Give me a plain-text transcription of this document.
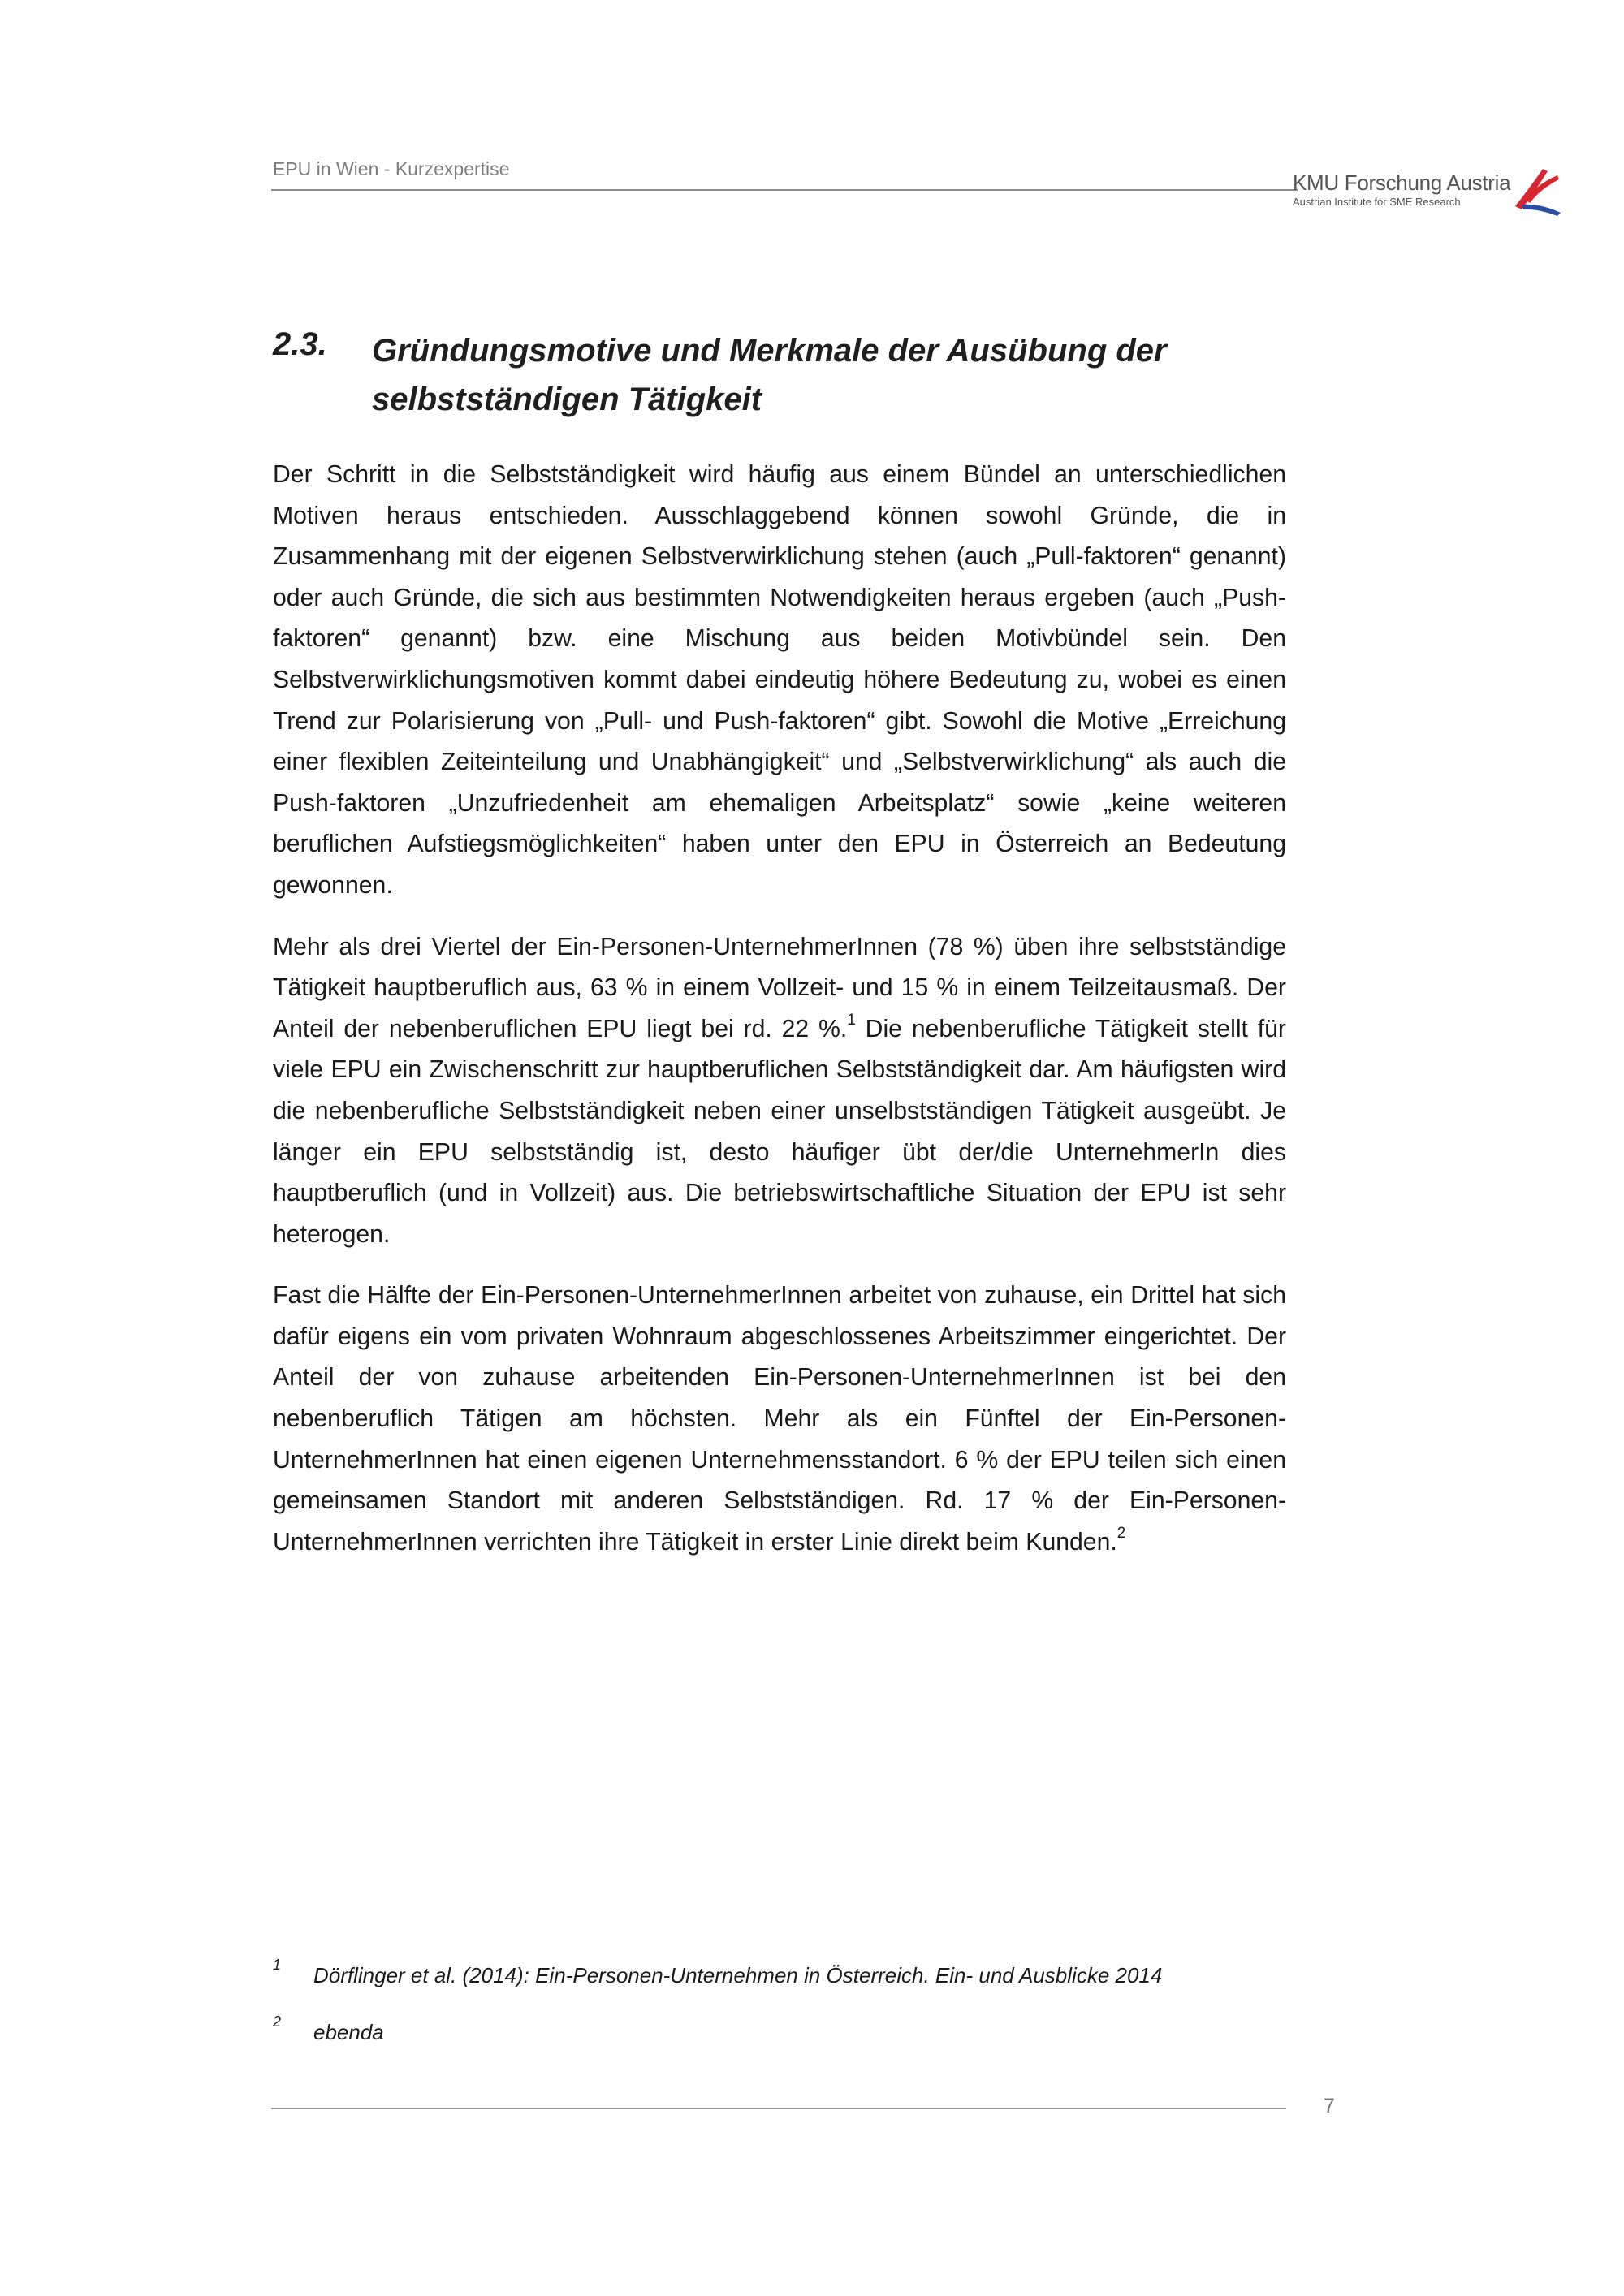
EPU in Wien - Kurzexpertise
KMU Forschung Austria
Austrian Institute for SME Research
2.3. Gründungsmotive und Merkmale der Ausübung der selbstständigen Tätigkeit

Der Schritt in die Selbstständigkeit wird häufig aus einem Bündel an unterschiedlichen Motiven heraus entschieden. Ausschlaggebend können sowohl Gründe, die in Zusammenhang mit der eigenen Selbstverwirklichung stehen (auch „Pull-faktoren“ genannt) oder auch Gründe, die sich aus bestimmten Notwendigkeiten heraus ergeben (auch „Push-faktoren“ genannt) bzw. eine Mischung aus beiden Motivbündel sein. Den Selbstverwirklichungsmotiven kommt dabei eindeutig höhere Bedeutung zu, wobei es einen Trend zur Polarisierung von „Pull- und Push-faktoren“ gibt. Sowohl die Motive „Erreichung einer flexiblen Zeiteinteilung und Unabhängigkeit“ und „Selbstverwirklichung“ als auch die Push-faktoren „Unzufriedenheit am ehemaligen Arbeitsplatz“ sowie „keine weiteren beruflichen Aufstiegsmöglichkeiten“ haben unter den EPU in Österreich an Bedeutung gewonnen.

Mehr als drei Viertel der Ein-Personen-UnternehmerInnen (78 %) üben ihre selbstständige Tätigkeit hauptberuflich aus, 63 % in einem Vollzeit- und 15 % in einem Teilzeitausmaß. Der Anteil der nebenberuflichen EPU liegt bei rd. 22 %.$^1$ Die nebenberufliche Tätigkeit stellt für viele EPU ein Zwischenschritt zur hauptberuflichen Selbstständigkeit dar. Am häufigsten wird die nebenberufliche Selbstständigkeit neben einer unselbstständigen Tätigkeit ausgeübt. Je länger ein EPU selbstständig ist, desto häufiger übt der/die UnternehmerIn dies hauptberuflich (und in Vollzeit) aus. Die betriebswirtschaftliche Situation der EPU ist sehr heterogen.

Fast die Hälfte der Ein-Personen-UnternehmerInnen arbeitet von zuhause, ein Drittel hat sich dafür eigens ein vom privaten Wohnraum abgeschlossenes Arbeitszimmer eingerichtet. Der Anteil der von zuhause arbeitenden Ein-Personen-UnternehmerInnen ist bei den nebenberuflich Tätigen am höchsten. Mehr als ein Fünftel der Ein-Personen-UnternehmerInnen hat einen eigenen Unternehmensstandort. 6 % der EPU teilen sich einen gemeinsamen Standort mit anderen Selbstständigen. Rd. 17 % der Ein-Personen-UnternehmerInnen verrichten ihre Tätigkeit in erster Linie direkt beim Kunden.$^2$

1 Dörflinger et al. (2014): Ein-Personen-Unternehmen in Österreich. Ein- und Ausblicke 2014
2 ebenda
7
